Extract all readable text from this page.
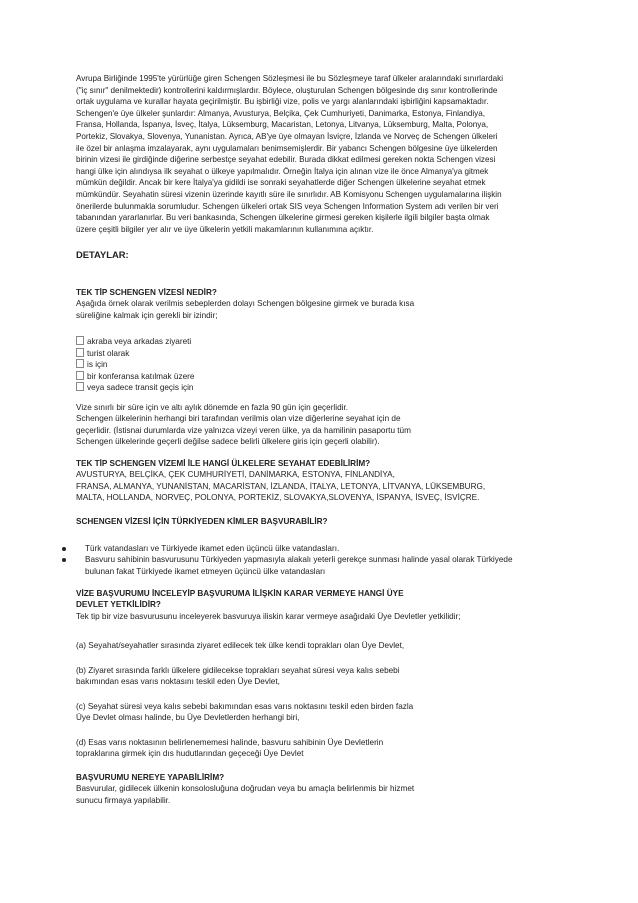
Avrupa Birliğinde 1995'te yürürlüğe giren Schengen Sözleşmesi ile bu Sözleşmeye taraf ülkeler aralarındaki sınırlardaki

("iç sınır" denilmektedir) kontrollerini kaldırmışlardır. Böylece, oluşturulan Schengen bölgesinde dış sınır kontrollerinde

ortak uygulama ve kurallar hayata geçirilmiştir. Bu işbirliği vize, polis ve yargı alanlarındaki işbirliğini kapsamaktadır.

Schengen'e üye ülkeler şunlardır: Almanya, Avusturya, Belçika, Çek Cumhuriyeti, Danimarka, Estonya, Finlandiya,

Fransa, Hollanda, İspanya, İsveç, İtalya, Lüksemburg, Macaristan, Letonya, Litvanya, Lüksemburg, Malta, Polonya,

Portekiz, Slovakya, Slovenya, Yunanistan. Ayrıca, AB'ye üye olmayan İsviçre, İzlanda ve Norveç de Schengen ülkeleri

ile özel bir anlaşma imzalayarak, aynı uygulamaları benimsemişlerdir. Bir yabancı Schengen bölgesine üye ülkelerden

birinin vizesi ile girdiğinde diğerine serbestçe seyahat edebilir. Burada dikkat edilmesi gereken nokta Schengen vizesi

hangi ülke için alındıysa ilk seyahat o ülkeye yapılmalıdır. Örneğin İtalya için alınan vize ile önce Almanya'ya gitmek

mümkün değildir. Ancak bir kere İtalya'ya gidildi ise sonraki seyahatlerde diğer Schengen ülkelerine seyahat etmek

mümkündür. Seyahatin süresi vizenin üzerinde kayıtlı süre ile sınırlıdır. AB Komisyonu Schengen uygulamalarına ilişkin

önerilerde bulunmakla sorumludur. Schengen ülkeleri ortak SIS veya Schengen Information System adı verilen bir veri

tabanından yararlanırlar. Bu veri bankasında, Schengen ülkelerine girmesi gereken kişilerle ilgili bilgiler başta olmak

üzere çeşitli bilgiler yer alır ve üye ülkelerin yetkili makamlarının kullanımına açıktır.

DETAYLAR:

TEK TİP SCHENGEN VİZESİ NEDİR?

Aşağıda örnek olarak verilmis sebeplerden dolayı Schengen bölgesine girmek ve burada kısa

süreliğine kalmak için gerekli bir izindir;

akraba veya arkadas ziyareti
turist olarak
is için
bir konferansa katılmak üzere
veya sadece transit geçis için

Vize sınırlı bir süre için ve altı aylık dönemde en fazla 90 gün için geçerlidir.

Schengen ülkelerinin herhangi biri tarafından verilmis olan vize diğerlerine seyahat için de

geçerlidir. (İstisnai durumlarda vize yalnızca vizeyi veren ülke, ya da hamilinin pasaportu tüm

Schengen ülkelerinde geçerli değilse sadece belirli ülkelere giris için geçerli olabilir).

TEK TİP SCHENGEN VİZEMİ İLE HANGİ ÜLKELERE SEYAHAT EDEBİLİRİM?

AVUSTURYA, BELÇİKA, ÇEK CUMHURİYETİ, DANİMARKA, ESTONYA, FİNLANDİYA,

FRANSA, ALMANYA, YUNANİSTAN, MACARİSTAN, İZLANDA, İTALYA, LETONYA, LİTVANYA, LÜKSEMBURG,

MALTA, HOLLANDA, NORVEÇ, POLONYA, PORTEKİZ, SLOVAKYA,SLOVENYA, İSPANYA, İSVEÇ, İSVİÇRE.

SCHENGEN VİZESİ İÇİN TÜRKİYEDEN KİMLER BAŞVURABİLİR?

Türk vatandasları ve Türkiyede ikamet eden üçüncü ülke vatandasları.
Basvuru sahibinin basvurusunu Türkiyeden yapmasıyla alakalı yeterli gerekçe sunması halinde yasal olarak Türkiyede
bulunan fakat Türkiyede ikamet etmeyen üçüncü ülke vatandasları

VİZE BAŞVURUMU İNCELEYİP BAŞVURUMA İLİŞKİN KARAR VERMEYE HANGİ ÜYE

DEVLET YETKİLİDİR?

Tek tip bir vize basvurusunu inceleyerek basvuruya iliskin karar vermeye asağıdaki Üye Devletler yetkilidir;

(a) Seyahat/seyahatler sırasında ziyaret edilecek tek ülke kendi toprakları olan Üye Devlet,

(b) Ziyaret sırasında farklı ülkelere gidilecekse toprakları seyahat süresi veya kalıs sebebi

bakımından esas varıs noktasını teskil eden Üye Devlet,

(c) Seyahat süresi veya kalıs sebebi bakımından esas varıs noktasını teskil eden birden fazla

Üye Devlet olması halinde, bu Üye Devletlerden herhangi biri,

(d) Esas varıs noktasının belirlenememesi halinde, basvuru sahibinin Üye Devletlerin

topraklarına girmek için dıs hudutlarından geçeceği Üye Devlet

BAŞVURUMU NEREYE YAPABİLİRİM?

Basvurular, gidilecek ülkenin konsolosluğuna doğrudan veya bu amaçla belirlenmis bir hizmet

sunucu firmaya yapılabilir.
